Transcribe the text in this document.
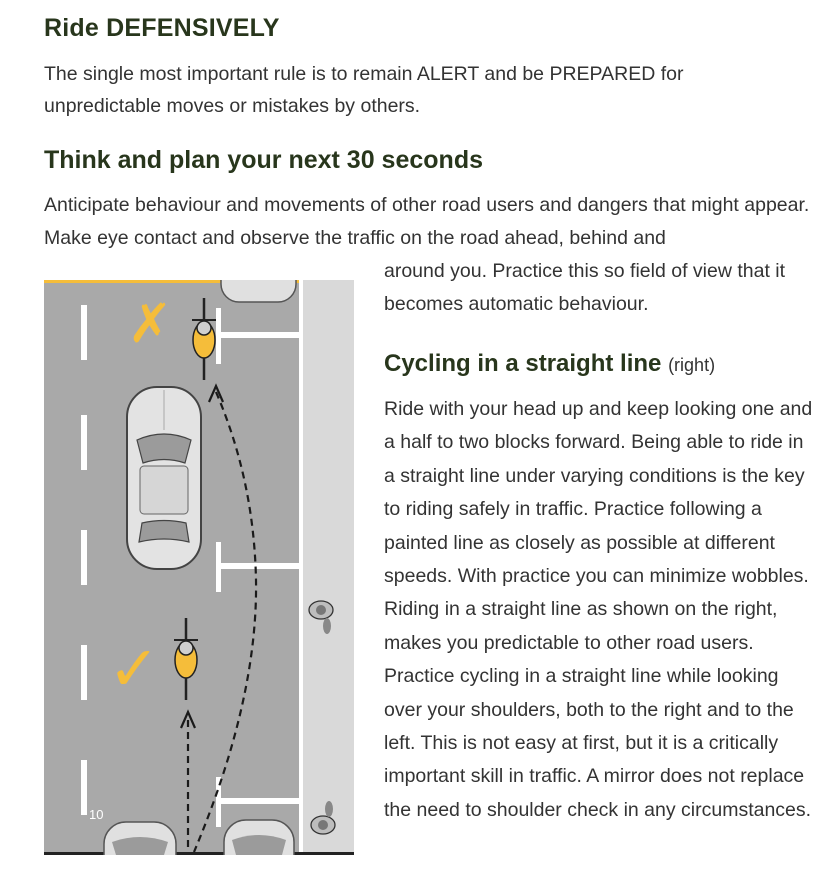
Ride DEFENSIVELY

The single most important rule is to remain ALERT and be PREPARED for unpredictable moves or mistakes by others.

Think and plan your next 30 seconds

Anticipate behaviour and movements of other road users and dangers that might appear. Make eye contact and observe the traffic on the road ahead, behind and

around you. Practice this so field of view that it becomes automatic behaviour.

Cycling in a straight line (right)

Ride with your head up and keep looking one and a half to two blocks forward. Being able to ride in a straight line under varying conditions is the key to riding safely in traffic. Practice following a painted line as closely as possible at different speeds. With practice you can minimize wobbles. Riding in a straight line as shown on the right, makes you predictable to other road users. Practice cycling in a straight line while looking over your shoulders, both to the right and to the left. This is not easy at first, but it is a critically important skill in traffic. A mirror does not replace the need to shoulder check in any circumstances.

✗
✓
10
